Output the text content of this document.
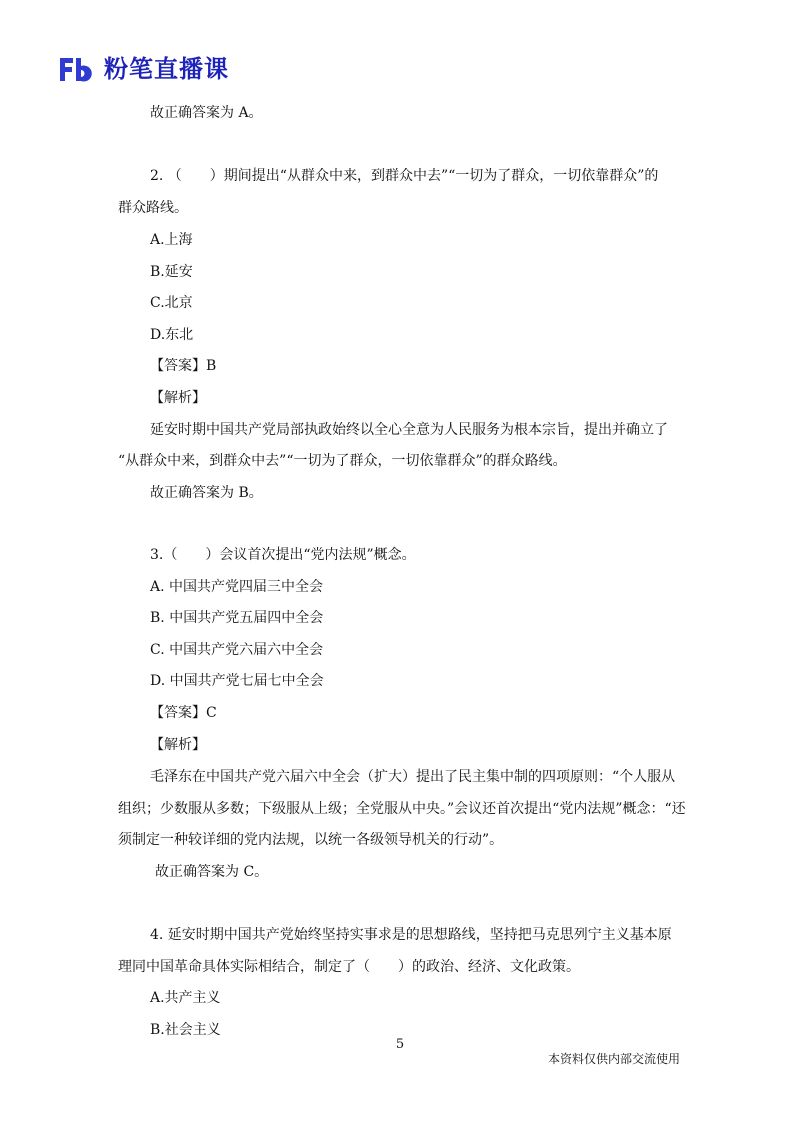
粉笔直播课

故正确答案为 A。

2. （　　）期间提出“从群众中来，到群众中去”“一切为了群众，一切依靠群众”的

群众路线。

A.上海

B.延安

C.北京

D.东北

【答案】B

【解析】

延安时期中国共产党局部执政始终以全心全意为人民服务为根本宗旨，提出并确立了

“从群众中来，到群众中去”“一切为了群众，一切依靠群众”的群众路线。

故正确答案为 B。

3.（　　）会议首次提出“党内法规”概念。

A. 中国共产党四届三中全会

B. 中国共产党五届四中全会

C. 中国共产党六届六中全会

D. 中国共产党七届七中全会

【答案】C

【解析】

毛泽东在中国共产党六届六中全会（扩大）提出了民主集中制的四项原则：“个人服从

组织；少数服从多数；下级服从上级；全党服从中央。”会议还首次提出“党内法规”概念：“还

须制定一种较详细的党内法规，以统一各级领导机关的行动”。

故正确答案为 C。

4. 延安时期中国共产党始终坚持实事求是的思想路线，坚持把马克思列宁主义基本原

理同中国革命具体实际相结合，制定了（　　）的政治、经济、文化政策。

A.共产主义

B.社会主义

5

本资料仅供内部交流使用
